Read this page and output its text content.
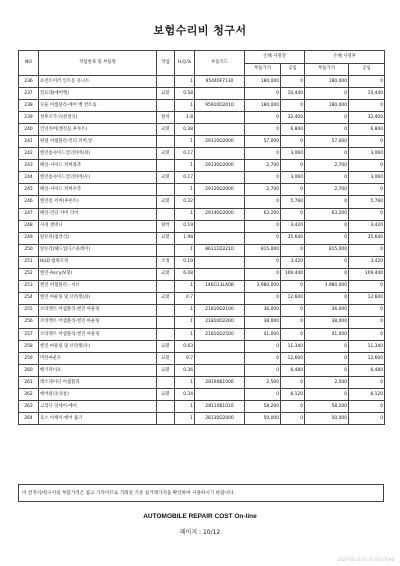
보험수리비 청구서
NO	작업항목 및 부품명	작업	H,Q,%	부품코드	손해 사정전		손해 사정후	
					부품가격	공임	부품가격	공임
236	프런트미러 인트롱 유니트		1	95440F7130	180,000	0	180,000	0
237	컴프레(에어백)	교환	0.58		0	10,440	0	10,440
238	모듈 어셈블리-에어 백 컨트롤		1	95910D2010	180,000	0	180,000	0
239	성후조가구(천정식)	탈착	1.8		0	32,400	0	32,400
240	언더커버(엔진등,후론트)	교환	0.38		0	6,840	0	6,840
241	판넬 어셈블리-언더 커버,앞		1	29110D2000	57,000	0	57,000	0
242	엔진룸사이드언더커버(좌)	교환	0.17		0	3,060	0	3,060
243	패널-사이드 커버좌측		1	29130D2000	2,700	0	2,700	0
244	엔진룸사이드언더커버(우)	교환	0.17		0	3,060	0	3,060
245	패널-사이드 커버우측		1	29120D2000	2,700	0	2,700	0
246	엔진룸 커버(후론트)	교환	0.32		0	5,760	0	5,760
247	패널-언더 커버 리어		1	29140D2000	63,200	0	63,200	0
248	사경 센테니	탈착	0.19		0	3,420	0	3,420
249	앞유리(접착식)	교환	1.98		0	35,640	0	35,640
250	앞유리(헤드업디스플레이)		1	86111D2210	815,000	0	815,000	0
251	HUD 범위조정	조정	0.19		0	3,420	0	3,420
252	엔진-Ass'y(V형)	교환	6.08		0	109,440	0	109,440
253	엔진 어셈블리 - 서브		1	146G13LA0B	3,980,000	0	3,980,000	0
254	엔진 마운팅 및 브라켓(좌)	교환	0.7		0	12,600	0	12,600
255	브라켓트 어셈블리-엔진 마운팅		1	21810D2100	36,000	0	36,000	0
256	브라켓트 어셈블리-엔진 마운팅		1	21810D2200	38,000	0	38,000	0
257	브라켓트 어셈블리-엔진 마운팅		1	21810D2500	41,000	0	41,000	0
258	엔진 마운팅 및 브라켓(우)	교환	0.63		0	11,340	0	11,340
259	미션마운트	교환	0.7		0	12,600	0	12,600
260	배기파이프	교환	0.36		0	6,480	0	6,480
261	레조네이터 어셈블리		1	28190B1000	2,500	0	2,500	0
262	에어클리너(통)	교환	0.34		0	6,120	0	6,120
263	크리너 앗세이-에어		1	28110B1010	58,200	0	58,200	0
264	호스 어세이-에어 흡기		1	28130D2000	50,000	0	50,000	0
이 견적서/청구서의 부품가격은 참고 가격이므로 거래일 기준 실거래가격을 확인하여 사용하시기 바랍니다.
AUTOMOBILE REPAIR COST On-line
페이지 : 10/12
2020-05-14 11:37:04 07190
